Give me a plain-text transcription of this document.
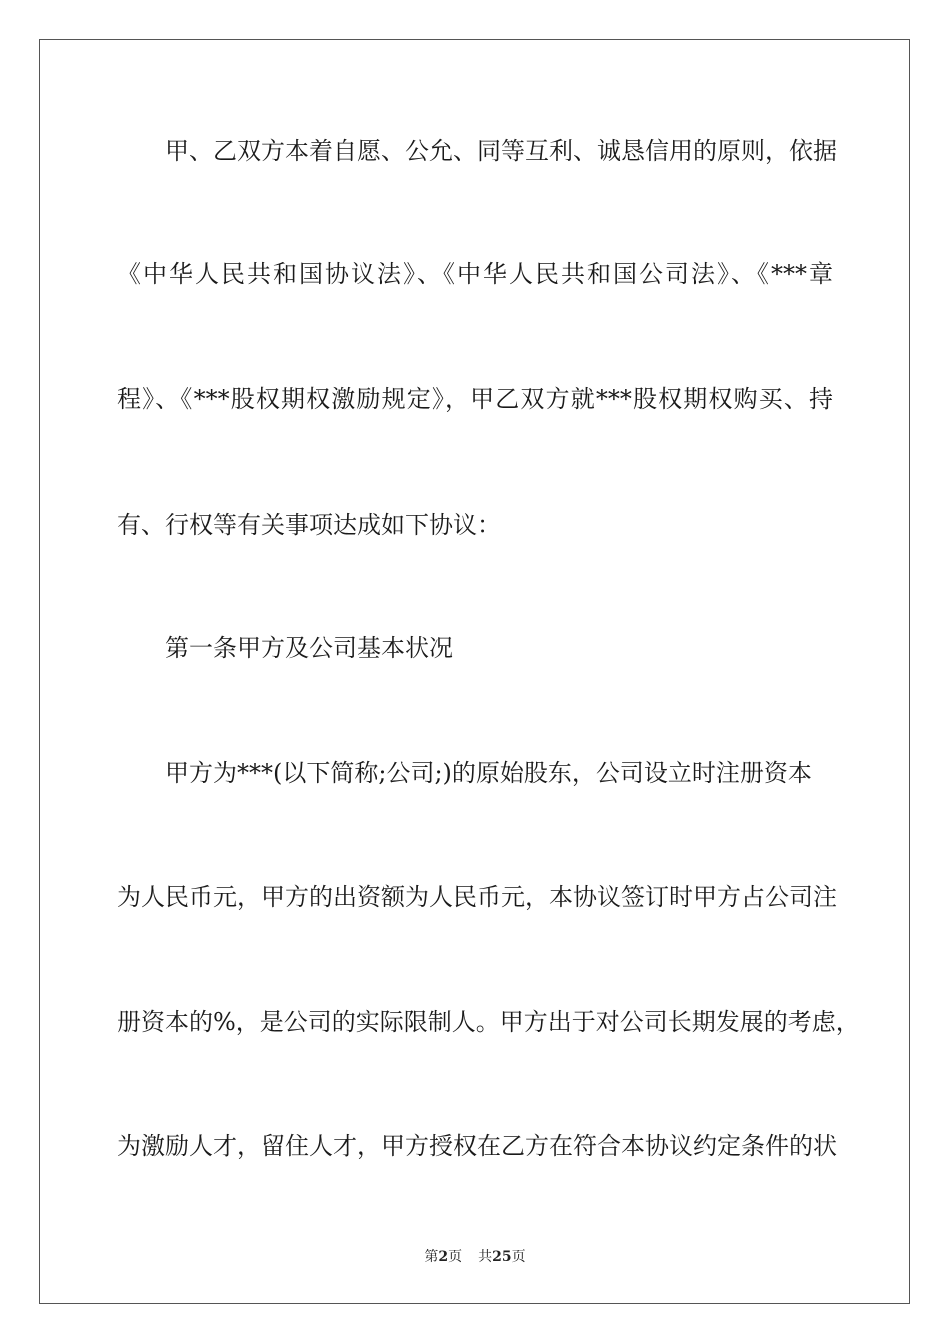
甲、乙双方本着自愿、公允、同等互利、诚恳信用的原则，依据
《中华人民共和国协议法》、《中华人民共和国公司法》、《***章
程》、《***股权期权激励规定》，甲乙双方就***股权期权购买、持
有、行权等有关事项达成如下协议：
第一条甲方及公司基本状况
甲方为***(以下简称;公司;)的原始股东，公司设立时注册资本
为人民币元，甲方的出资额为人民币元，本协议签订时甲方占公司注
册资本的%，是公司的实际限制人。甲方出于对公司长期发展的考虑，
为激励人才，留住人才，甲方授权在乙方在符合本协议约定条件的状
第2页 共25页
